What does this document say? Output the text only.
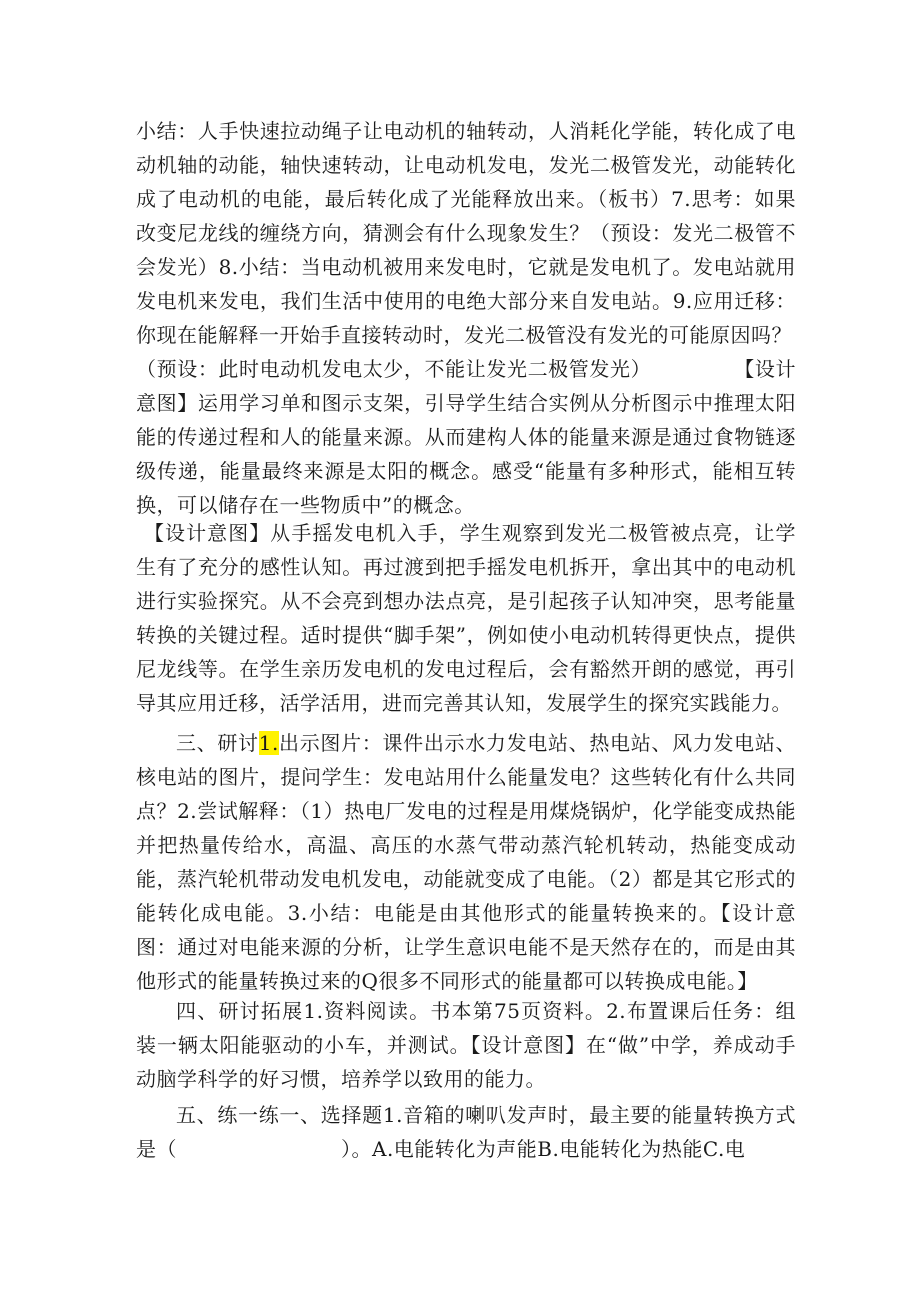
小结：人手快速拉动绳子让电动机的轴转动，人消耗化学能，转化成了电动机轴的动能，轴快速转动，让电动机发电，发光二极管发光，动能转化成了电动机的电能，最后转化成了光能释放出来。（板书）7.思考：如果改变尼龙线的缠绕方向，猜测会有什么现象发生？（预设：发光二极管不会发光）8.小结：当电动机被用来发电时，它就是发电机了。发电站就用发电机来发电，我们生活中使用的电绝大部分来自发电站。9.应用迁移：你现在能解释一开始手直接转动时，发光二极管没有发光的可能原因吗？

（预设：此时电动机发电太少，不能让发光二极管发光）　　　　　【设计意图】运用学习单和图示支架，引导学生结合实例从分析图示中推理太阳能的传递过程和人的能量来源。从而建构人体的能量来源是通过食物链逐级传递，能量最终来源是太阳的概念。感受“能量有多种形式，能相互转换，可以储存在一些物质中”的概念。

【设计意图】从手摇发电机入手，学生观察到发光二极管被点亮，让学生有了充分的感性认知。再过渡到把手摇发电机拆开，拿出其中的电动机进行实验探究。从不会亮到想办法点亮，是引起孩子认知冲突，思考能量转换的关键过程。适时提供“脚手架”，例如使小电动机转得更快点，提供尼龙线等。在学生亲历发电机的发电过程后，会有豁然开朗的感觉，再引导其应用迁移，活学活用，进而完善其认知，发展学生的探究实践能力。

三、研讨1.出示图片：课件出示水力发电站、热电站、风力发电站、核电站的图片，提问学生：发电站用什么能量发电？这些转化有什么共同点？2.尝试解释：（1）热电厂发电的过程是用煤烧锅炉，化学能变成热能并把热量传给水，高温、高压的水蒸气带动蒸汽轮机转动，热能变成动能，蒸汽轮机带动发电机发电，动能就变成了电能。（2）都是其它形式的能转化成电能。3.小结：电能是由其他形式的能量转换来的。【设计意图：通过对电能来源的分析，让学生意识电能不是天然存在的，而是由其他形式的能量转换过来的Q很多不同形式的能量都可以转换成电能。】

四、研讨拓展1.资料阅读。书本第75页资料。2.布置课后任务：组装一辆太阳能驱动的小车，并测试。【设计意图】在“做”中学，养成动手动脑学科学的好习惯，培养学以致用的能力。

五、练一练一、选择题1.音箱的喇叭发声时，最主要的能量转换方式是（　　　　　　　　）。A.电能转化为声能B.电能转化为热能C.电
